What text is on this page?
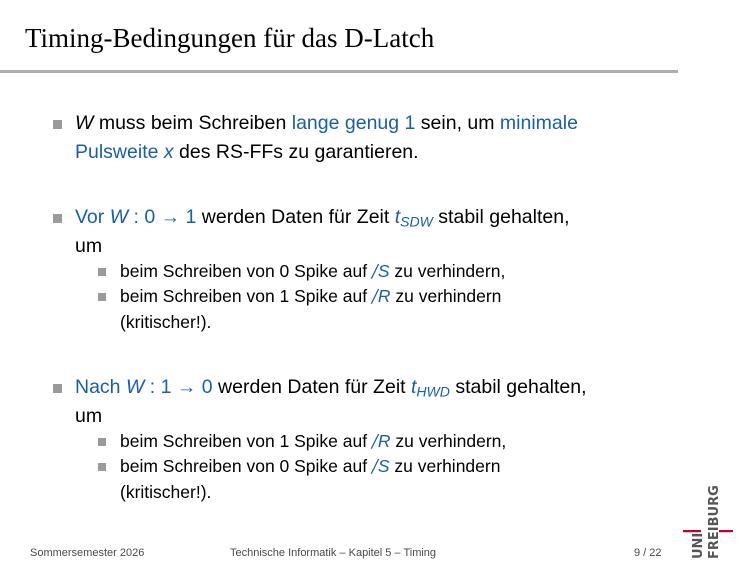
Timing-Bedingungen für das D-Latch
W muss beim Schreiben lange genug 1 sein, um minimale
Pulsweite x des RS-FFs zu garantieren.
Vor W : 0 → 1 werden Daten für Zeit $t_{SDW}$ stabil gehalten,
um
beim Schreiben von 0 Spike auf /S zu verhindern,
beim Schreiben von 1 Spike auf /R zu verhindern
(kritischer!).
Nach W : 1 → 0 werden Daten für Zeit $t_{HWD}$ stabil gehalten,
um
beim Schreiben von 1 Spike auf /R zu verhindern,
beim Schreiben von 0 Spike auf /S zu verhindern
(kritischer!).
Sommersemester 2026	Technische Informatik – Kapitel 5 – Timing	9 / 22 UNI FREIBURG
